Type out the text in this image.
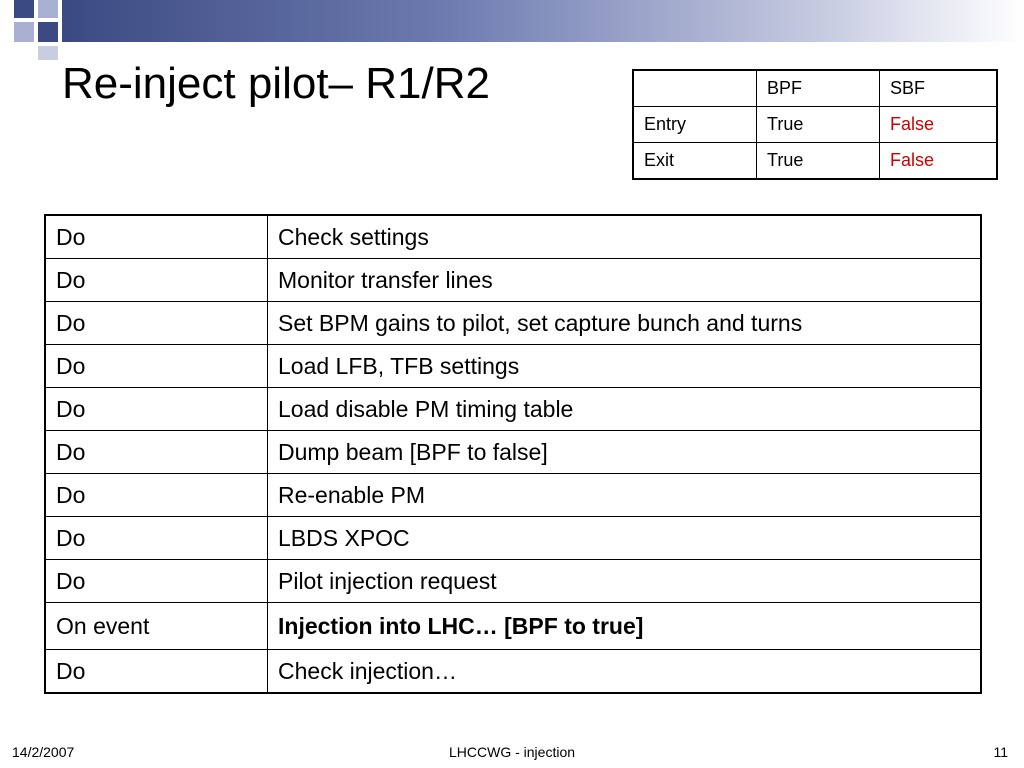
Re-inject pilot– R1/R2
		BPF	SBF
Entry	True	False
Exit	True	False
Do	Check settings
Do	Monitor transfer lines
Do	Set BPM gains to pilot, set capture bunch and turns
Do	Load LFB, TFB settings
Do	Load disable PM timing table
Do	Dump beam [BPF to false]
Do	Re-enable PM
Do	LBDS XPOC
Do	Pilot injection request
On event	Injection into LHC… [BPF to true]
Do	Check injection…
14/2/2007	LHCCWG - injection	11
